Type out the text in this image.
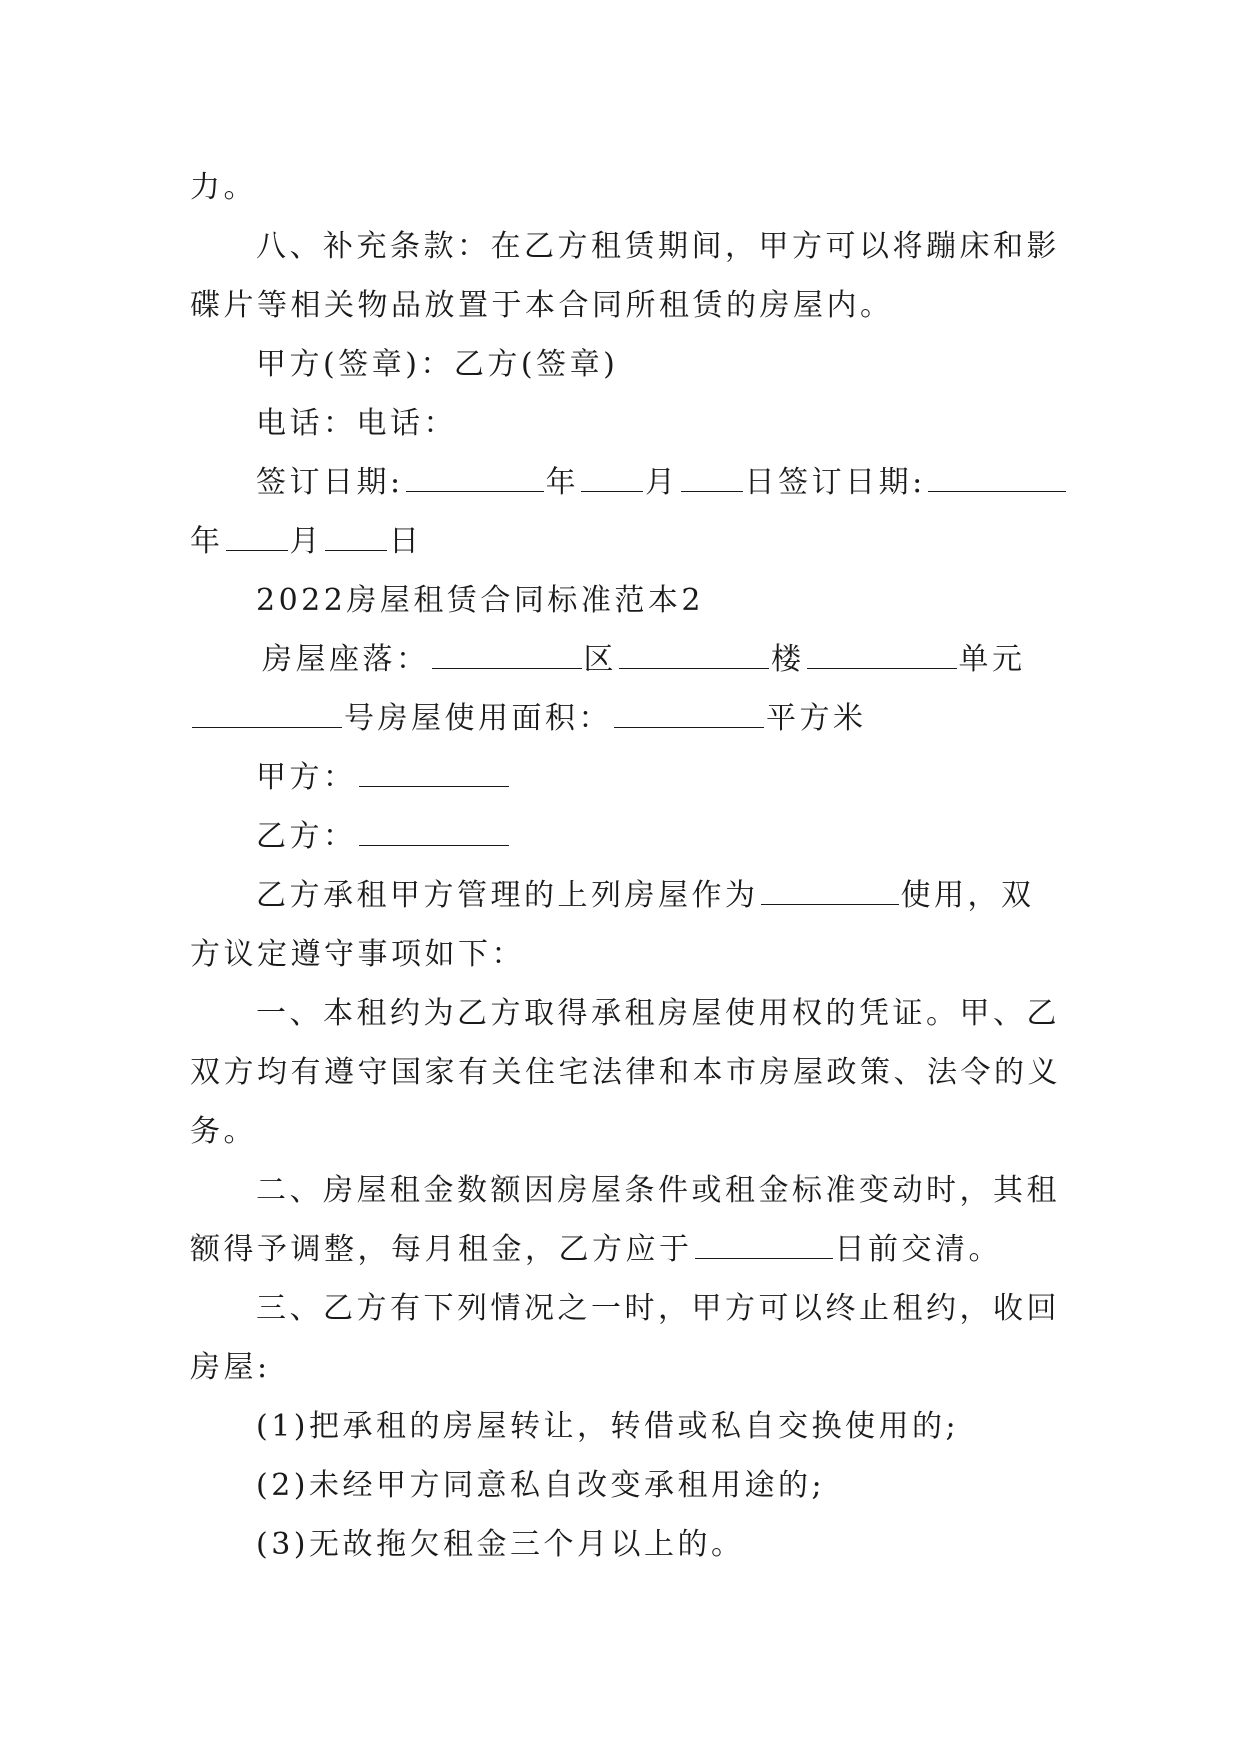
力。
八、补充条款：在乙方租赁期间，甲方可以将蹦床和影
碟片等相关物品放置于本合同所租赁的房屋内。
甲方(签章)：乙方(签章)
电话：电话：
签订日期:	年 月 日签订日期:
年 月 日
2022房屋租赁合同标准范本2
房屋座落：	区	楼	单元
号房屋使用面积：	平方米
甲方：
乙方：
乙方承租甲方管理的上列房屋作为	使用，双
方议定遵守事项如下：
一、本租约为乙方取得承租房屋使用权的凭证。甲、乙
双方均有遵守国家有关住宅法律和本市房屋政策、法令的义
务。
二、房屋租金数额因房屋条件或租金标准变动时，其租
额得予调整，每月租金，乙方应于	日前交清。
三、乙方有下列情况之一时，甲方可以终止租约，收回
房屋:
(1)把承租的房屋转让，转借或私自交换使用的;
(2)未经甲方同意私自改变承租用途的;
(3)无故拖欠租金三个月以上的。
